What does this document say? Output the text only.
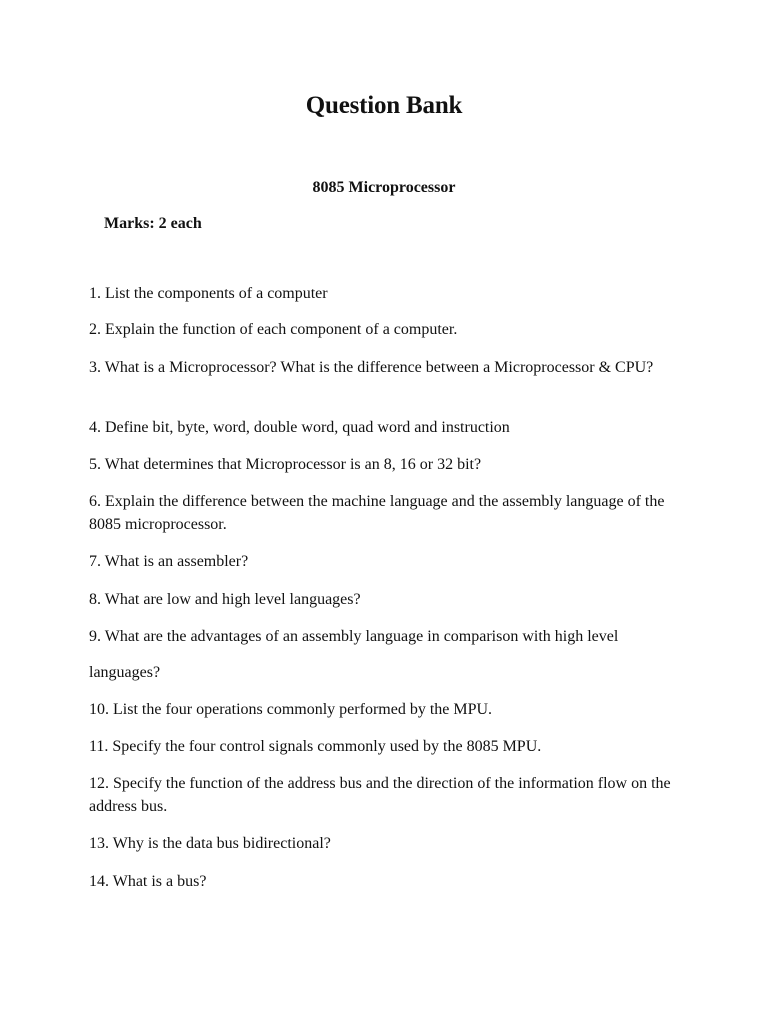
Question Bank
8085 Microprocessor
Marks: 2 each
1. List the components of a computer
2. Explain the function of each component of a computer.
3. What is a Microprocessor? What is the difference between a Microprocessor & CPU?
4. Define bit, byte, word, double word, quad word and instruction
5. What determines that Microprocessor is an 8, 16 or 32 bit?
6. Explain the difference between the machine language and the assembly language of the 8085 microprocessor.
7. What is an assembler?
8. What are low and high level languages?
9. What are the advantages of an assembly language in comparison with high level
languages?
10. List the four operations commonly performed by the MPU.
11. Specify the four control signals commonly used by the 8085 MPU.
12. Specify the function of the address bus and the direction of the information flow on the address bus.
13. Why is the data bus bidirectional?
14. What is a bus?
